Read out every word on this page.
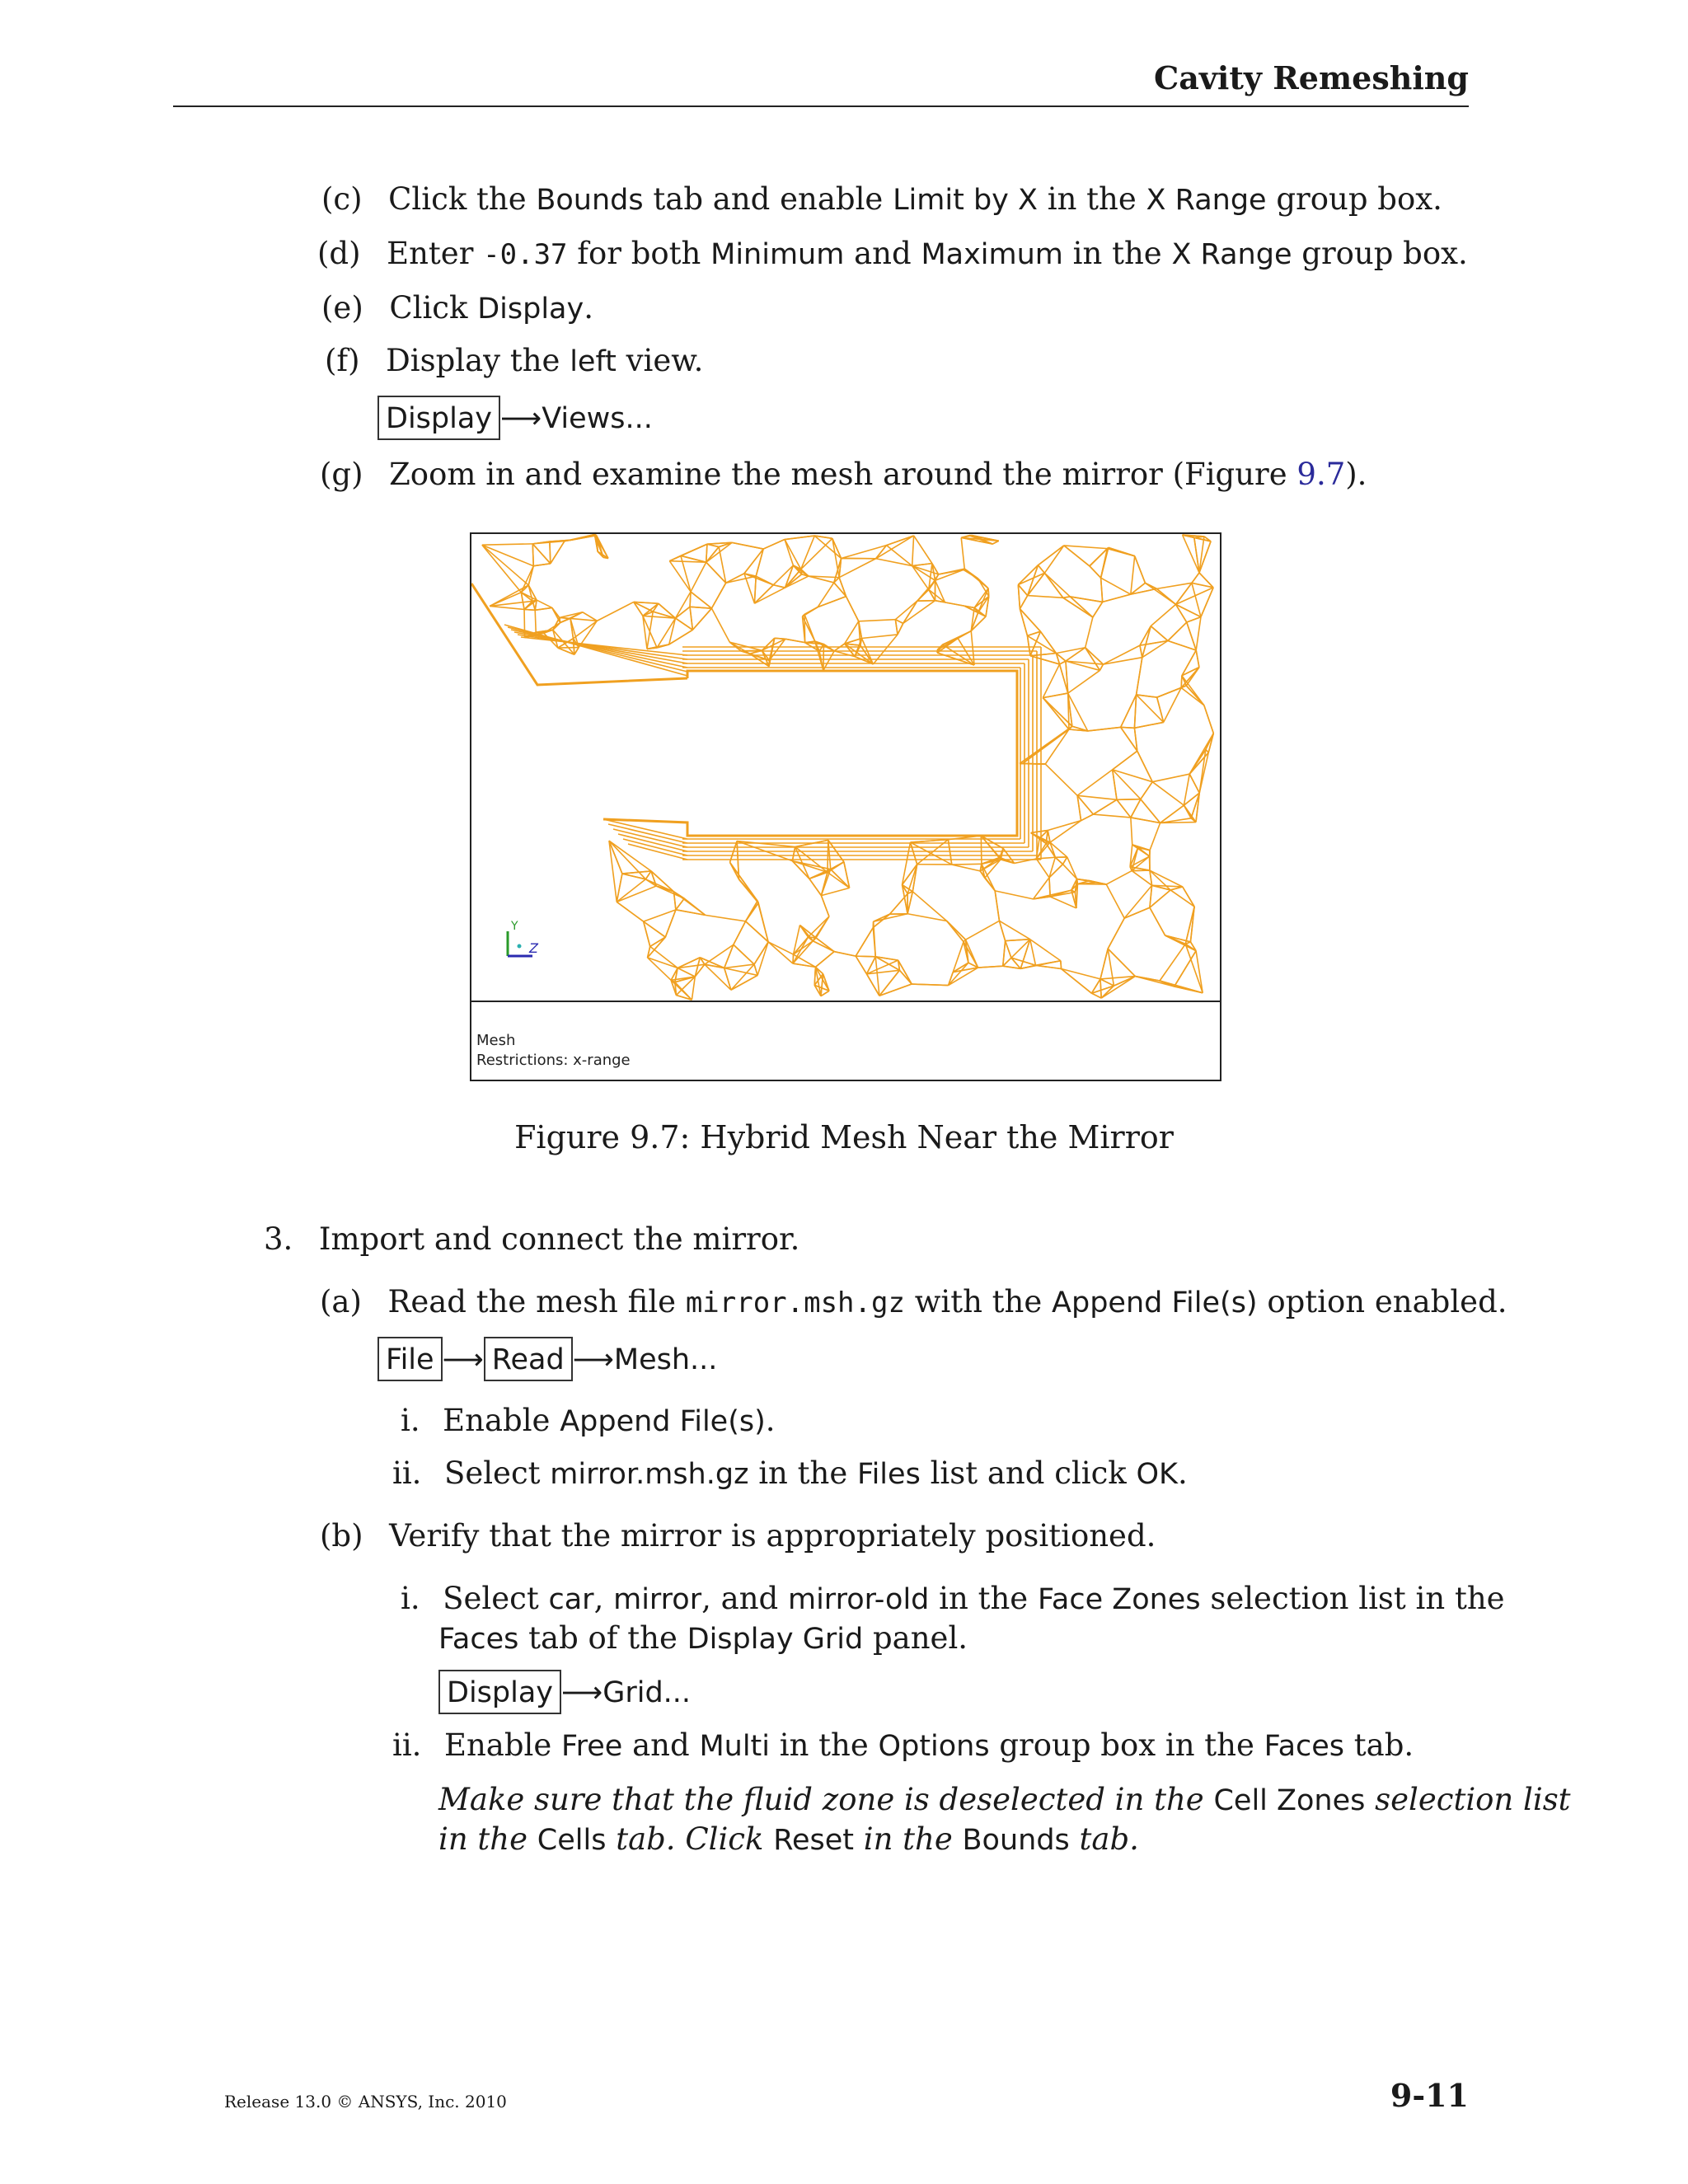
Cavity Remeshing
(c) Click the Bounds tab and enable Limit by X in the X Range group box.
(d) Enter -0.37 for both Minimum and Maximum in the X Range group box.
(e) Click Display.
(f) Display the left view.
Display ⟶Views...
(g) Zoom in and examine the mesh around the mirror (Figure 9.7).
Y
Z
Mesh
Restrictions: x-range
Figure 9.7: Hybrid Mesh Near the Mirror
3. Import and connect the mirror.
(a) Read the mesh file mirror.msh.gz with the Append File(s) option enabled.
File ⟶ Read ⟶Mesh...
i. Enable Append File(s).
ii. Select mirror.msh.gz in the Files list and click OK.
(b) Verify that the mirror is appropriately positioned.
i. Select car, mirror, and mirror-old in the Face Zones selection list in the
Faces tab of the Display Grid panel.
Display ⟶Grid...
ii. Enable Free and Multi in the Options group box in the Faces tab.
Make sure that the fluid zone is deselected in the Cell Zones selection list
in the Cells tab. Click Reset in the Bounds tab.
Release 13.0 © ANSYS, Inc. 2010	9-11
